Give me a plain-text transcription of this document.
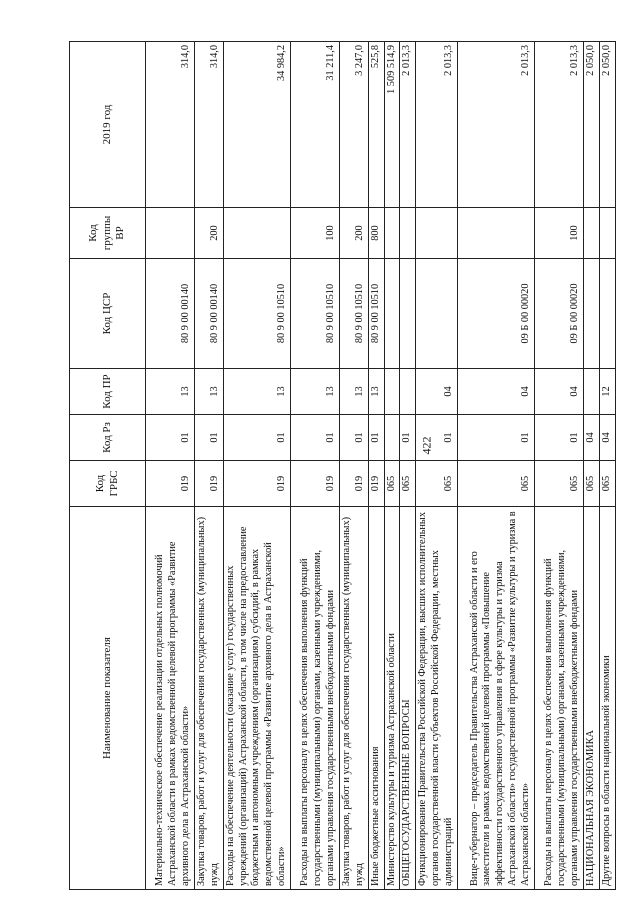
422
Наименование показателя	Код ГРБС	Код Рз	Код ПР	Код ЦСР	Код группы ВР	2019 год
Материально-техническое обеспечение реализации отдельных полномочий Астраханской области в рамках ведомственной целевой программы «Развитие архивного дела в Астраханской области»	019	01	13	80 9 00 00140		314,0
Закупка товаров, работ и услуг для обеспечения государственных (муниципальных) нужд	019	01	13	80 9 00 00140	200	314,0
Расходы на обеспечение деятельности (оказание услуг) государственных учреждений (организаций) Астраханской области, в том числе на предоставление бюджетным и автономным учреждениям (организациям) субсидий, в рамках ведомственной целевой программы «Развитие архивного дела в Астраханской области»	019	01	13	80 9 00 10510		34 984,2
Расходы на выплаты персоналу в целях обеспечения выполнения функций государственными (муниципальными) органами, казенными учреждениями, органами управления государственными внебюджетными фондами	019	01	13	80 9 00 10510	100	31 211,4
Закупка товаров, работ и услуг для обеспечения государственных (муниципальных) нужд	019	01	13	80 9 00 10510	200	3 247,0
Иные бюджетные ассигнования	019	01	13	80 9 00 10510	800	525,8
Министерство культуры и туризма Астраханской области	065					1 509 514,9
ОБЩЕГОСУДАРСТВЕННЫЕ ВОПРОСЫ	065	01				2 013,3
Функционирование Правительства Российской Федерации, высших исполнительных органов государственной власти субъектов Российской Федерации, местных администраций	065	01	04			2 013,3
Вице-губернатор – председатель Правительства Астраханской области и его заместители в рамках ведомственной целевой программы «Повышение эффективности государственного управления в сфере культуры и туризма Астраханской области» государственной программы «Развитие культуры и туризма в Астраханской области»	065	01	04	09 Б 00 00020		2 013,3
Расходы на выплаты персоналу в целях обеспечения выполнения функций государственными (муниципальными) органами, казенными учреждениями, органами управления государственными внебюджетными фондами	065	01	04	09 Б 00 00020	100	2 013,3
НАЦИОНАЛЬНАЯ ЭКОНОМИКА	065	04				2 050,0
Другие вопросы в области национальной экономики	065	04	12			2 050,0
